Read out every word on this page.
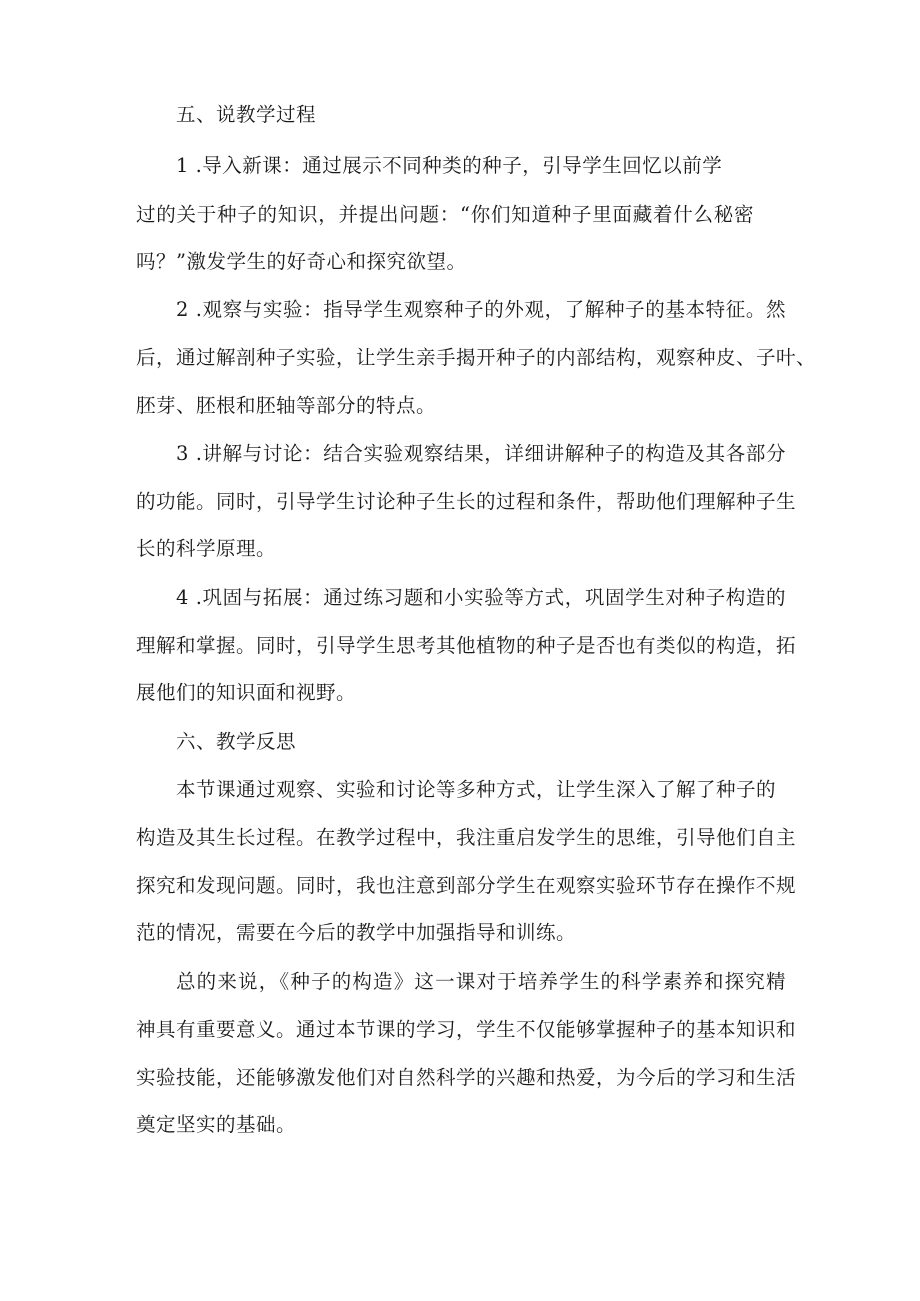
五、说教学过程
1 .导入新课：通过展示不同种类的种子，引导学生回忆以前学
过的关于种子的知识，并提出问题：“你们知道种子里面藏着什么秘密
吗？”激发学生的好奇心和探究欲望。
2 .观察与实验：指导学生观察种子的外观，了解种子的基本特征。然
后，通过解剖种子实验，让学生亲手揭开种子的内部结构，观察种皮、子叶、
胚芽、胚根和胚轴等部分的特点。
3 .讲解与讨论：结合实验观察结果，详细讲解种子的构造及其各部分
的功能。同时，引导学生讨论种子生长的过程和条件，帮助他们理解种子生
长的科学原理。
4 .巩固与拓展：通过练习题和小实验等方式，巩固学生对种子构造的
理解和掌握。同时，引导学生思考其他植物的种子是否也有类似的构造，拓
展他们的知识面和视野。
六、教学反思
本节课通过观察、实验和讨论等多种方式，让学生深入了解了种子的
构造及其生长过程。在教学过程中，我注重启发学生的思维，引导他们自主
探究和发现问题。同时，我也注意到部分学生在观察实验环节存在操作不规
范的情况，需要在今后的教学中加强指导和训练。
总的来说，《种子的构造》这一课对于培养学生的科学素养和探究精
神具有重要意义。通过本节课的学习，学生不仅能够掌握种子的基本知识和
实验技能，还能够激发他们对自然科学的兴趣和热爱，为今后的学习和生活
奠定坚实的基础。
